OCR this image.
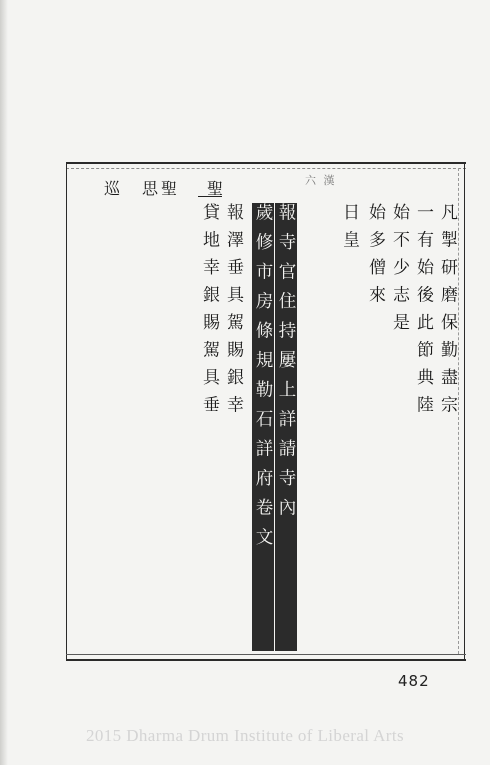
六 漢
巡 思聖 聖
凡掣研磨保勤盡宗
一有始後此節典陸
始不少志是
始多僧來
日皇
報寺官住持屢上詳請寺內
歲修市房條規勒石詳府卷文
報澤垂具駕賜銀幸
貸地幸銀賜駕具垂
482
2015 Dharma Drum Institute of Liberal Arts
